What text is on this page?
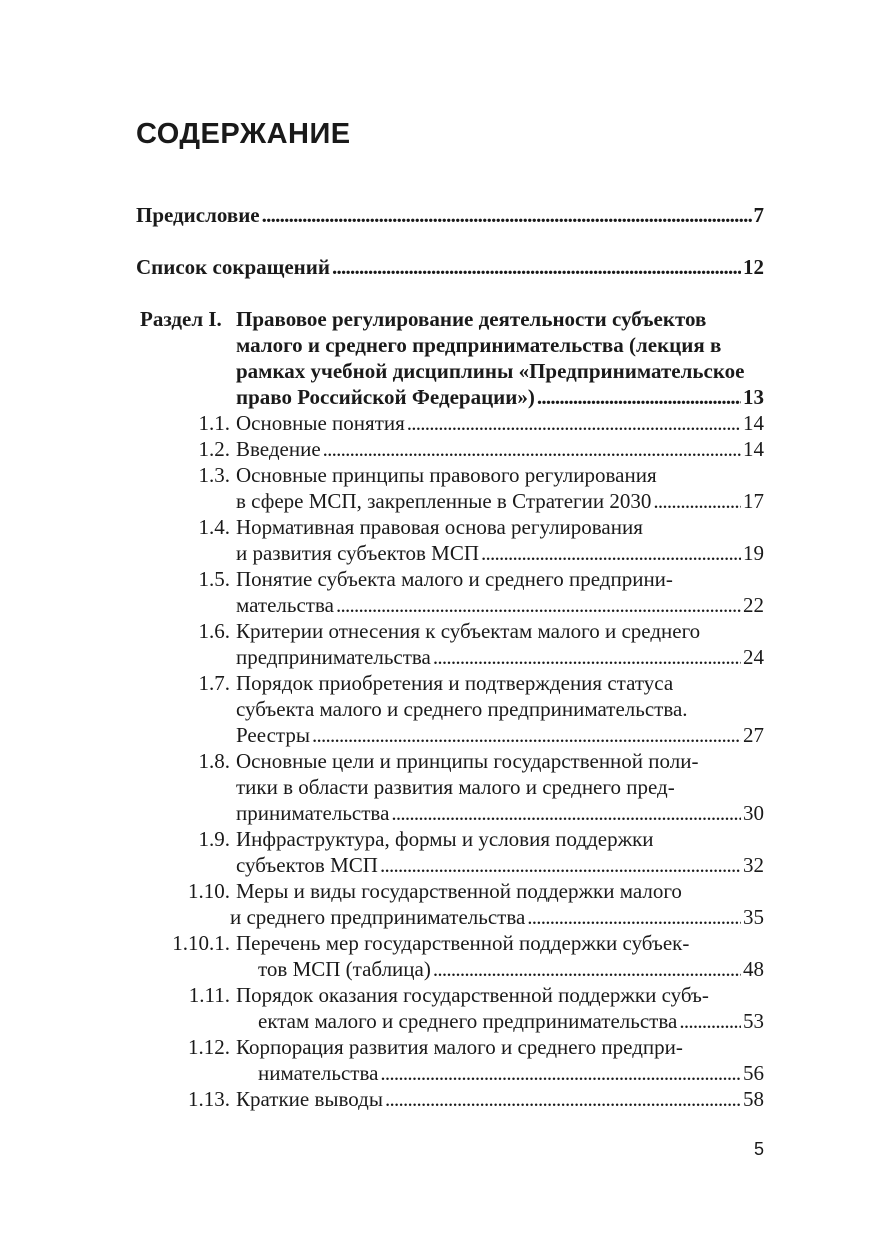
СОДЕРЖАНИЕ
Предисловие . . .	7
Список сокращений . . .	12
Раздел I. Правовое регулирование деятельности субъектов
малого и среднего предпринимательства (лекция в
рамках учебной дисциплины «Предпринимательское
право Российской Федерации») . . .	13
1.1. Основные понятия . . .	14
1.2. Введение . . .	14
1.3. Основные принципы правового регулирования
в сфере МСП, закрепленные в Стратегии 2030 . . .	17
1.4. Нормативная правовая основа регулирования
и развития субъектов МСП . . .	19
1.5. Понятие субъекта малого и среднего предприни-
мательства . . .	22
1.6. Критерии отнесения к субъектам малого и среднего
предпринимательства . . .	24
1.7. Порядок приобретения и подтверждения статуса
субъекта малого и среднего предпринимательства.
Реестры . . .	27
1.8. Основные цели и принципы государственной поли-
тики в области развития малого и среднего пред-
принимательства . . .	30
1.9. Инфраструктура, формы и условия поддержки
субъектов МСП . . .	32
1.10. Меры и виды государственной поддержки малого
и среднего предпринимательства . . .	35
1.10.1. Перечень мер государственной поддержки субъек-
тов МСП (таблица) . . .	48
1.11. Порядок оказания государственной поддержки субъ-
ектам малого и среднего предпринимательства . . .	53
1.12. Корпорация развития малого и среднего предпри-
нимательства . . .	56
1.13. Краткие выводы . . .	58
5
